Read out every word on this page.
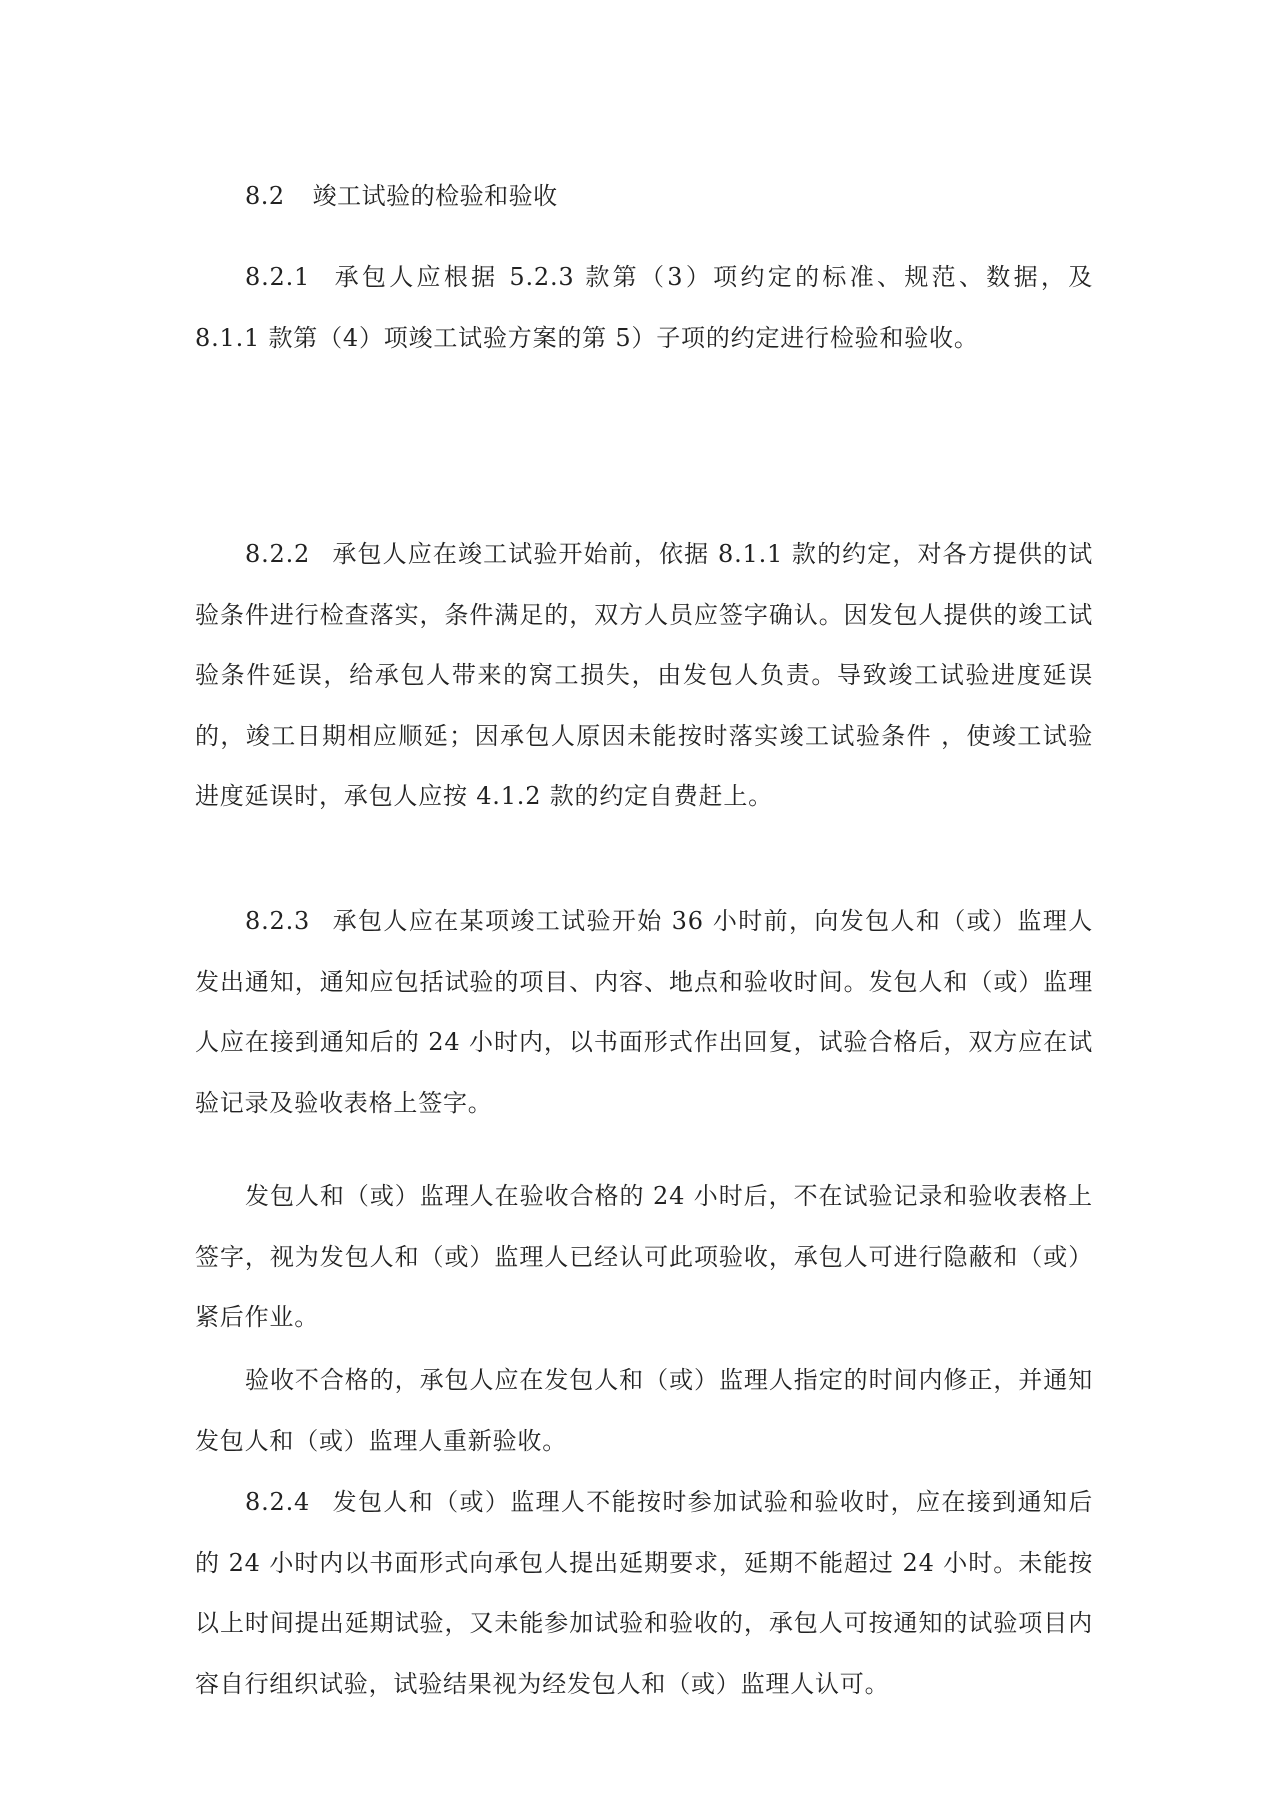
8.2 竣工试验的检验和验收

8.2.1 承包人应根据 5.2.3 款第（3）项约定的标准、规范、数据，及 8.1.1 款第（4）项竣工试验方案的第 5）子项的约定进行检验和验收。

8.2.2 承包人应在竣工试验开始前，依据 8.1.1 款的约定，对各方提供的试验条件进行检查落实，条件满足的，双方人员应签字确认。因发包人提供的竣工试验条件延误，给承包人带来的窝工损失，由发包人负责。导致竣工试验进度延误的，竣工日期相应顺延；因承包人原因未能按时落实竣工试验条件 ，使竣工试验进度延误时，承包人应按 4.1.2 款的约定自费赶上。

8.2.3 承包人应在某项竣工试验开始 36 小时前，向发包人和（或）监理人发出通知，通知应包括试验的项目、内容、地点和验收时间。发包人和（或）监理人应在接到通知后的 24 小时内，以书面形式作出回复，试验合格后，双方应在试验记录及验收表格上签字。

发包人和（或）监理人在验收合格的 24 小时后，不在试验记录和验收表格上签字，视为发包人和（或）监理人已经认可此项验收，承包人可进行隐蔽和（或）紧后作业。

验收不合格的，承包人应在发包人和（或）监理人指定的时间内修正，并通知发包人和（或）监理人重新验收。

8.2.4 发包人和（或）监理人不能按时参加试验和验收时，应在接到通知后的 24 小时内以书面形式向承包人提出延期要求，延期不能超过 24 小时。未能按以上时间提出延期试验，又未能参加试验和验收的，承包人可按通知的试验项目内容自行组织试验，试验结果视为经发包人和（或）监理人认可。
